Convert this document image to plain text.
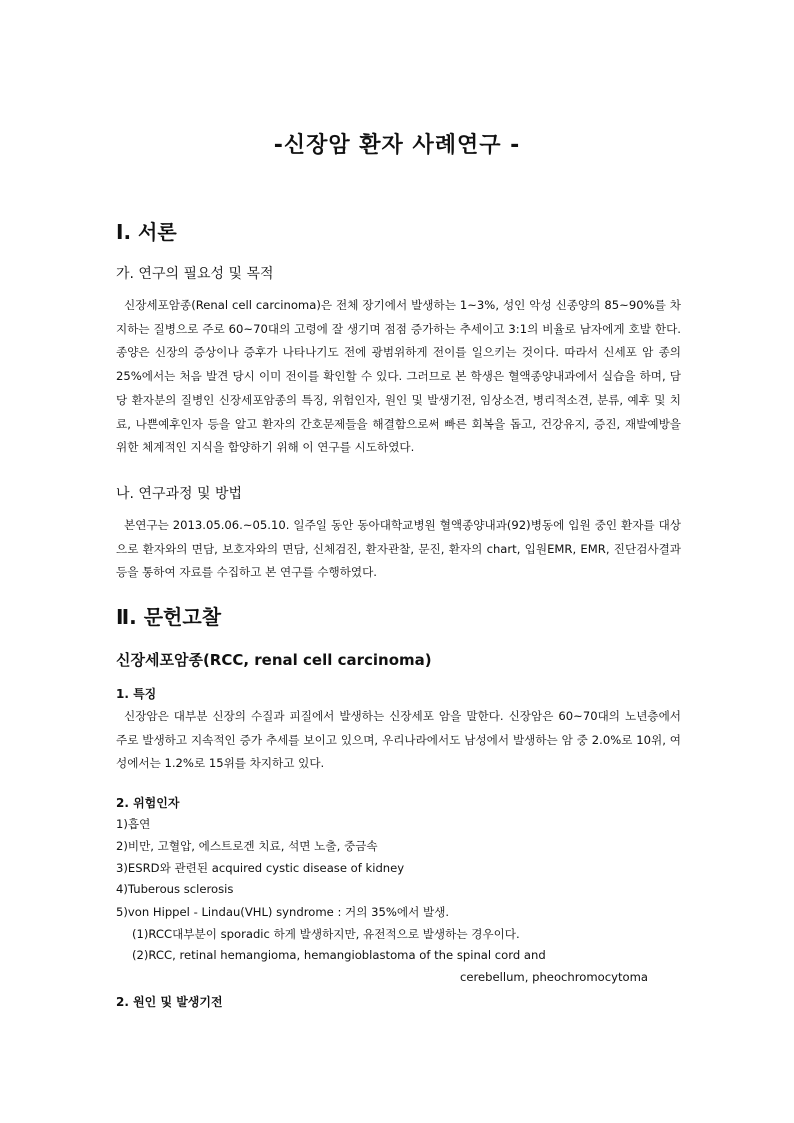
-신장암 환자 사례연구 -
Ⅰ. 서론
가. 연구의 필요성 및 목적

신장세포암종(Renal cell carcinoma)은 전체 장기에서 발생하는 1~3%, 성인 악성 신종양의 85~90%를 차지하는 질병으로 주로 60~70대의 고령에 잘 생기며 점점 증가하는 추세이고 3:1의 비율로 남자에게 호발 한다. 종양은 신장의 증상이나 증후가 나타나기도 전에 광범위하게 전이를 일으키는 것이다. 따라서 신세포 암 종의 25%에서는 처음 발견 당시 이미 전이를 확인할 수 있다. 그러므로 본 학생은 혈액종양내과에서 실습을 하며, 담당 환자분의 질병인 신장세포암종의 특징, 위험인자, 원인 및 발생기전, 임상소견, 병리적소견, 분류, 예후 및 치료, 나쁜예후인자 등을 알고 환자의 간호문제들을 해결함으로써 빠른 회복을 돕고, 건강유지, 증진, 재발예방을 위한 체계적인 지식을 함양하기 위해 이 연구를 시도하였다.

나. 연구과정 및 방법

본연구는 2013.05.06.~05.10. 일주일 동안 동아대학교병원 혈액종양내과(92)병동에 입원 중인 환자를 대상으로 환자와의 면담, 보호자와의 면담, 신체검진, 환자관찰, 문진, 환자의 chart, 입원EMR, EMR, 진단검사결과 등을 통하여 자료를 수집하고 본 연구를 수행하였다.

Ⅱ. 문헌고찰
신장세포암종(RCC, renal cell carcinoma)
1. 특징

신장암은 대부분 신장의 수질과 피질에서 발생하는 신장세포 암을 말한다. 신장암은 60~70대의 노년층에서 주로 발생하고 지속적인 증가 추세를 보이고 있으며, 우리나라에서도 남성에서 발생하는 암 중 2.0%로 10위, 여성에서는 1.2%로 15위를 차지하고 있다.

2. 위험인자
1)흡연
2)비만, 고혈압, 에스트로겐 치료, 석면 노출, 중금속
3)ESRD와 관련된 acquired cystic disease of kidney
4)Tuberous sclerosis
5)von Hippel - Lindau(VHL) syndrome : 거의 35%에서 발생.
(1)RCC대부분이 sporadic 하게 발생하지만, 유전적으로 발생하는 경우이다.
(2)RCC, retinal hemangioma, hemangioblastoma of the spinal cord and
cerebellum, pheochromocytoma
2. 원인 및 발생기전
